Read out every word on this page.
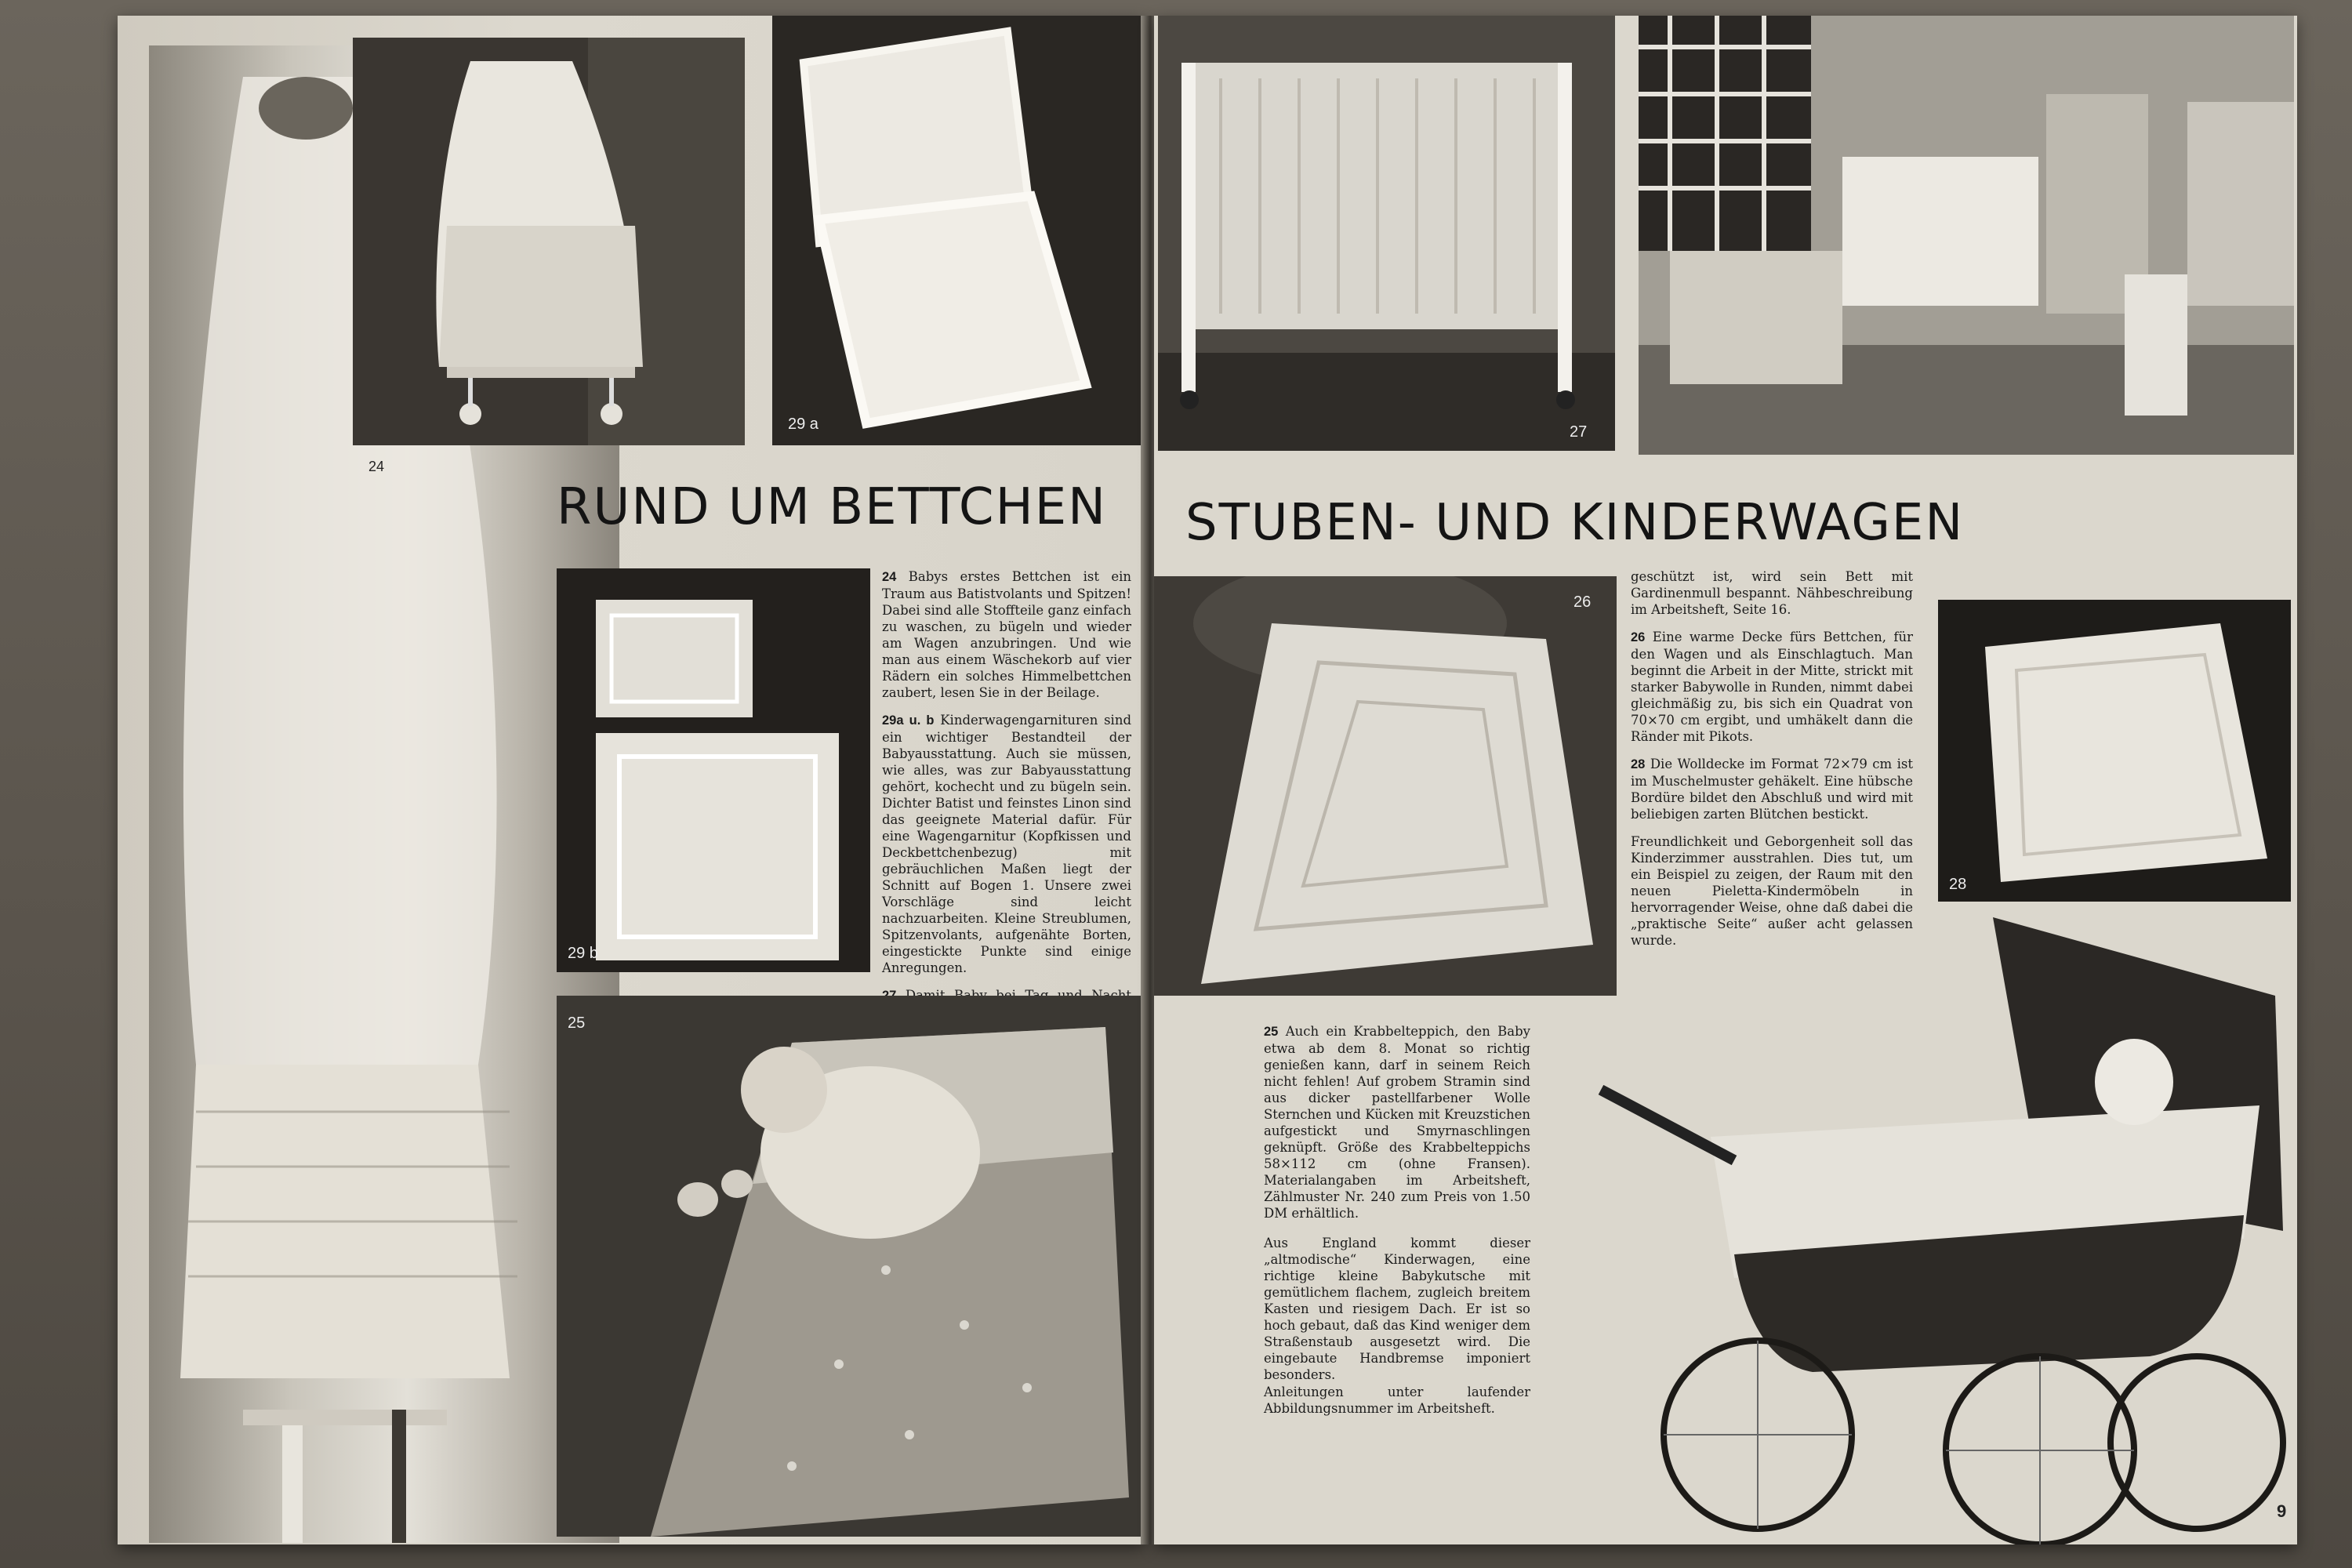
24
29 a
RUND UM BETTCHEN
29 b

24 Babys erstes Bettchen ist ein Traum aus Batistvolants und Spitzen! Dabei sind alle Stoffteile ganz einfach zu waschen, zu bügeln und wieder am Wagen anzubringen. Und wie man aus einem Wäschekorb auf vier Rädern ein solches Himmelbettchen zaubert, lesen Sie in der Beilage.

29a u. b Kinderwagengarnituren sind ein wichtiger Bestandteil der Babyausstattung. Auch sie müssen, wie alles, was zur Babyausstattung gehört, kochecht und zu bügeln sein. Dichter Batist und feinstes Linon sind das geeignete Material dafür. Für eine Wagengarnitur (Kopfkissen und Deckbettchenbezug) mit gebräuchlichen Maßen liegt der Schnitt auf Bogen 1. Unsere zwei Vorschläge sind leicht nachzuarbeiten. Kleine Streublumen, Spitzenvolants, aufgenähte Borten, eingestickte Punkte sind einige Anregungen.

25
27
STUBEN- UND KINDERWAGEN
26

geschützt ist, wird sein Bett mit Gardinenmull bespannt. Nähbeschreibung im Arbeitsheft, Seite 16.

26 Eine warme Decke fürs Bettchen, für den Wagen und als Einschlagtuch. Man beginnt die Arbeit in der Mitte, strickt mit starker Babywolle in Runden, nimmt dabei gleichmäßig zu, bis sich ein Quadrat von 70×70 cm ergibt, und umhäkelt dann die Ränder mit Pikots.

28 Die Wolldecke im Format 72×79 cm ist im Muschelmuster gehäkelt. Eine hübsche Bordüre bildet den Abschluß und wird mit beliebigen zarten Blütchen bestickt.

Freundlichkeit und Geborgenheit soll das Kinderzimmer ausstrahlen. Dies tut, um ein Beispiel zu zeigen, der Raum mit den neuen Pieletta-Kindermöbeln in hervorragender Weise, ohne daß dabei die „praktische Seite“ außer acht gelassen wurde.

28

25 Auch ein Krabbelteppich, den Baby etwa ab dem 8. Monat so richtig genießen kann, darf in seinem Reich nicht fehlen! Auf grobem Stramin sind aus dicker pastellfarbener Wolle Sternchen und Kücken mit Kreuzstichen aufgestickt und Smyrnaschlingen geknüpft. Größe des Krabbelteppichs 58×112 cm (ohne Fransen). Materialangaben im Arbeitsheft, Zählmuster Nr. 240 zum Preis von 1.50 DM erhältlich.

Aus England kommt dieser „altmodische“ Kinderwagen, eine richtige kleine Babykutsche mit gemütlichem flachem, zugleich breitem Kasten und riesigem Dach. Er ist so hoch gebaut, daß das Kind weniger dem Straßenstaub ausgesetzt wird. Die eingebaute Handbremse imponiert besonders.

Anleitungen unter laufender Abbildungsnummer im Arbeitsheft.

9
